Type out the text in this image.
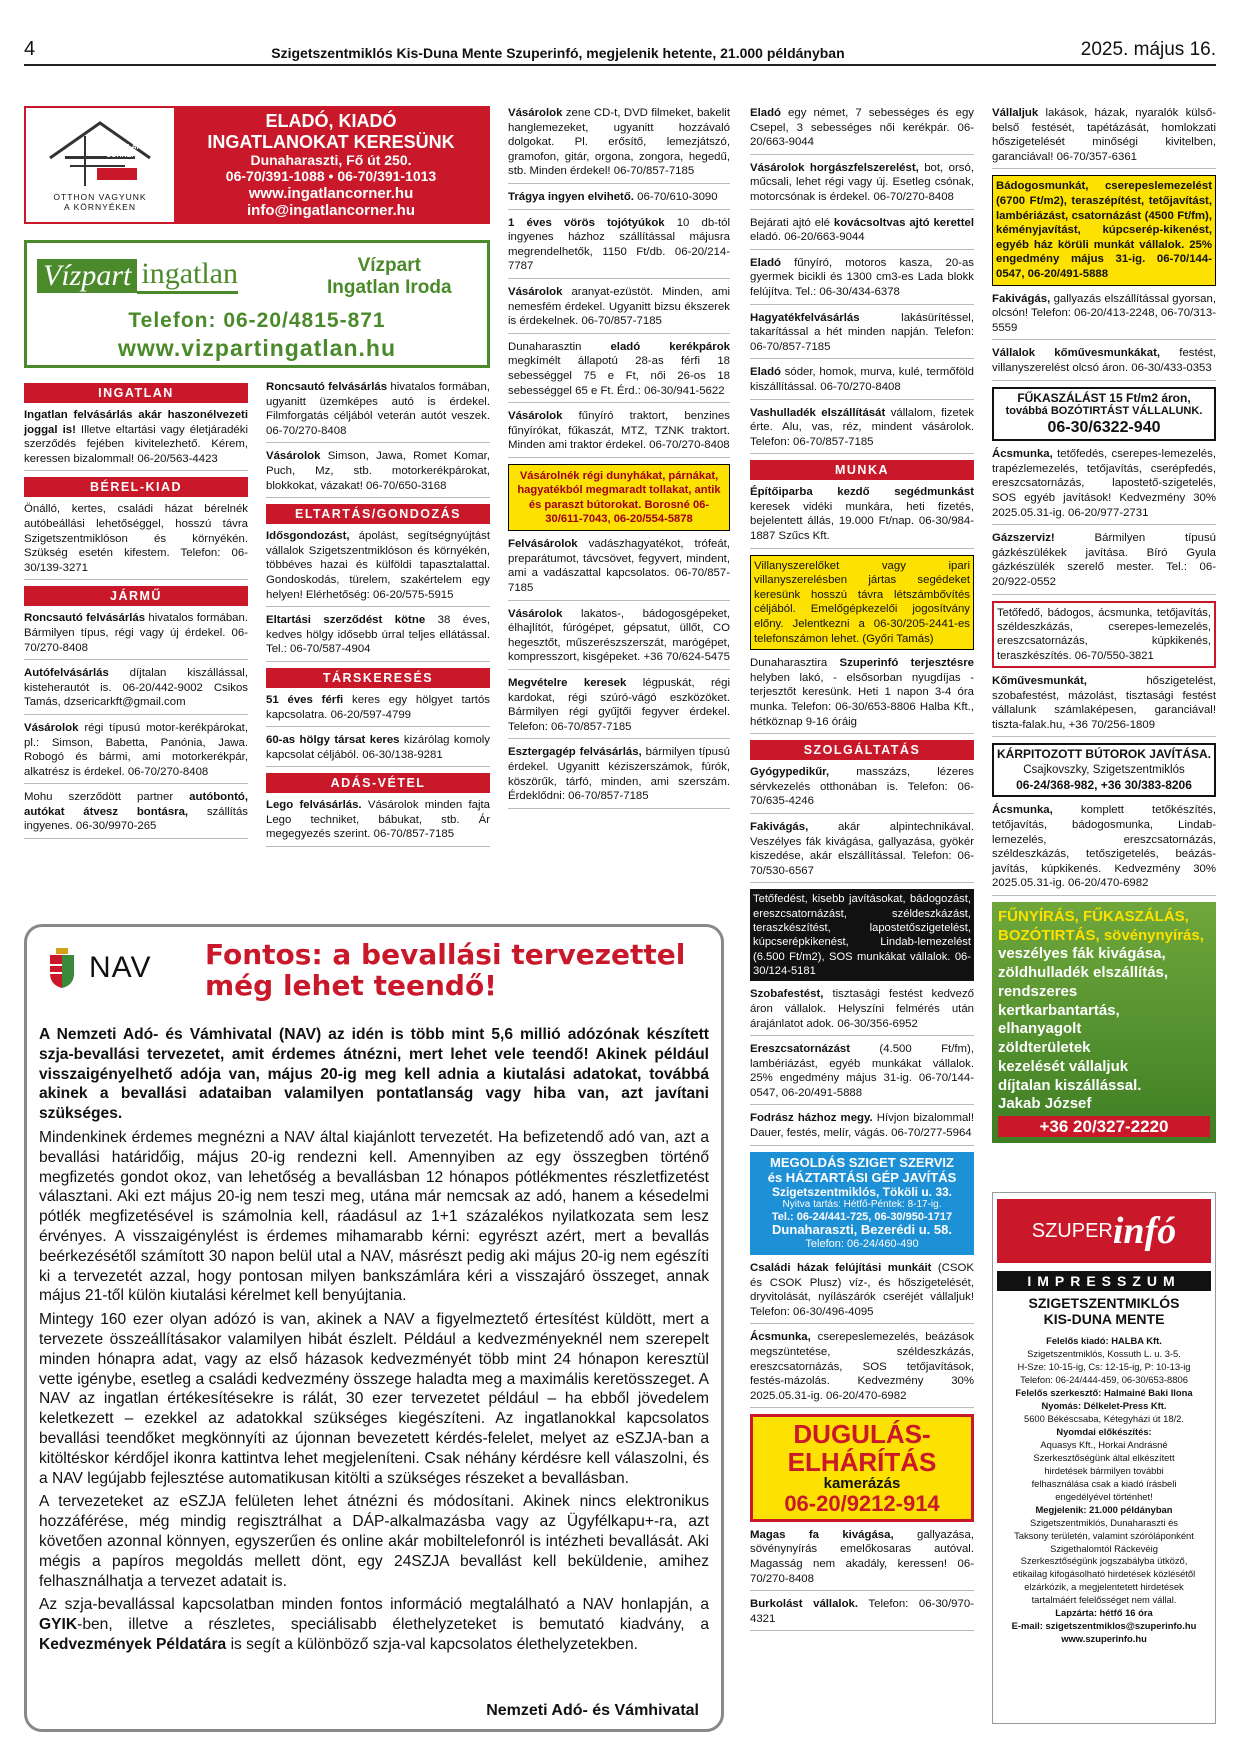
4	Szigetszentmiklós Kis-Duna Mente Szuperinfó, megjelenik hetente, 21.000 példányban	2025. május 16.
INGATLAN
CORNER
OTTHON VAGYUNK
A KÖRNYÉKEN
ELADÓ, KIADÓ
INGATLANOKAT KERESÜNK
Dunaharaszti, Fő út 250.
06-70/391-1088 • 06-70/391-1013
www.ingatlancorner.hu
info@ingatlancorner.hu
Vízpart ingatlan	Vízpart
Ingatlan Iroda
Telefon: 06-20/4815-871
www.vizpartingatlan.hu
INGATLAN
Ingatlan felvásárlás akár haszonélvezeti joggal is! Illetve eltartási vagy életjáradéki szerződés fejében kivitelezhető. Kérem, keressen bizalommal! 06-20/563-4423
BÉREL-KIAD
Önálló, kertes, családi házat bérelnék autóbeállási lehetőséggel, hosszú távra Szigetszentmiklóson és környékén. Szükség esetén kifestem. Telefon: 06-30/139-3271
JÁRMŰ
Roncsautó felvásárlás hivatalos formában. Bármilyen típus, régi vagy új érdekel. 06-70/270-8408
Autófelvásárlás díjtalan kiszállással, kisteherautót is. 06-20/442-9002 Csikos Tamás, dzsericarkft@gmail.com
Vásárolok régi típusú motor-kerékpárokat, pl.: Simson, Babetta, Panónia, Jawa. Robogó és bármi, ami motorkerékpár, alkatrész is érdekel. 06-70/270-8408
Mohu szerződött partner autóbontó, autókat átvesz bontásra, szállítás ingyenes. 06-30/9970-265
Roncsautó felvásárlás hivatalos formában, ugyanitt üzemképes autó is érdekel. Filmforgatás céljából veterán autót veszek. 06-70/270-8408
Vásárolok Simson, Jawa, Romet Komar, Puch, Mz, stb. motorkerékpárokat, blokkokat, vázakat! 06-70/650-3168
ELTARTÁS/GONDOZÁS
Idősgondozást, ápolást, segítségnyújtást vállalok Szigetszentmiklóson és környékén, többéves hazai és külföldi tapasztalattal. Gondoskodás, türelem, szakértelem egy helyen! Elérhetőség: 06-20/575-5915
Eltartási szerződést kötne 38 éves, kedves hölgy idősebb úrral teljes ellátással. Tel.: 06-70/587-4904
TÁRSKERESÉS
51 éves férfi keres egy hölgyet tartós kapcsolatra. 06-20/597-4799
60-as hölgy társat keres kizárólag komoly kapcsolat céljából. 06-30/138-9281
ADÁS-VÉTEL
Lego felvásárlás. Vásárolok minden fajta Lego techniket, bábukat, stb. Ár megegyezés szerint. 06-70/857-7185
Vásárolok zene CD-t, DVD filmeket, bakelit hanglemezeket, ugyanitt hozzávaló dolgokat. Pl. erősítő, lemezjátszó, gramofon, gitár, orgona, zongora, hegedű, stb. Minden érdekel! 06-70/857-7185
Trágya ingyen elvihető. 06-70/610-3090
1 éves vörös tojótyúkok 10 db-tól ingyenes házhoz szállítással májusra megrendelhetők, 1150 Ft/db. 06-20/214-7787
Vásárolok aranyat-ezüstöt. Minden, ami nemesfém érdekel. Ugyanitt bizsu ékszerek is érdekelnek. 06-70/857-7185
Dunaharasztin eladó kerékpárok megkímélt állapotú 28-as férfi 18 sebességgel 75 e Ft, női 26-os 18 sebességgel 65 e Ft. Érd.: 06-30/941-5622
Vásárolok fűnyíró traktort, benzines fűnyírókat, fűkaszát, MTZ, TZNK traktort. Minden ami traktor érdekel. 06-70/270-8408
Vásárolnék régi dunyhákat, párnákat, hagyatékból megmaradt tollakat, antik és paraszt bútorokat. Borosné 06-30/611-7043, 06-20/554-5878
Felvásárolok vadászhagyatékot, trófeát, preparátumot, távcsövet, fegyvert, mindent, ami a vadászattal kapcsolatos. 06-70/857-7185
Vásárolok lakatos-, bádogosgépeket, élhajlítót, fúrógépet, gépsatut, üllőt, CO hegesztőt, műszerészszerszát, marógépet, kompresszort, kisgépeket. +36 70/624-5475
Megvételre keresek légpuskát, régi kardokat, régi szúró-vágó eszközöket. Bármilyen régi gyűjtői fegyver érdekel. Telefon: 06-70/857-7185
Esztergagép felvásárlás, bármilyen típusú érdekel. Ugyanitt kéziszerszámok, fúrók, köszörűk, tárfó, minden, ami szerszám. Érdeklődni: 06-70/857-7185
Eladó egy német, 7 sebességes és egy Csepel, 3 sebességes női kerékpár. 06-20/663-9044
Vásárolok horgászfelszerelést, bot, orsó, műcsali, lehet régi vagy új. Esetleg csónak, motorcsónak is érdekel. 06-70/270-8408
Bejárati ajtó elé kovácsoltvas ajtó kerettel eladó. 06-20/663-9044
Eladó fűnyíró, motoros kasza, 20-as gyermek bicikli és 1300 cm3-es Lada blokk felújítva. Tel.: 06-30/434-6378
Hagyatékfelvásárlás lakásürítéssel, takarítással a hét minden napján. Telefon: 06-70/857-7185
Eladó sóder, homok, murva, kulé, termőföld kiszállítással. 06-70/270-8408
Vashulladék elszállítását vállalom, fizetek érte. Alu, vas, réz, mindent vásárolok. Telefon: 06-70/857-7185
MUNKA
Építőiparba kezdő segédmunkást keresek vidéki munkára, heti fizetés, bejelentett állás, 19.000 Ft/nap. 06-30/984-1887 Szűcs Kft.
Villanyszerelőket vagy ipari villanyszerelésben jártas segédeket keresünk hosszú távra létszámbővítés céljából. Emelőgépkezelői jogosítvány előny. Jelentkezni a 06-30/205-2441-es telefonszámon lehet. (Győri Tamás)
Dunaharasztira Szuperinfó terjesztésre helyben lakó, - elsősorban nyugdíjas - terjesztőt keresünk. Heti 1 napon 3-4 óra munka. Telefon: 06-30/653-8806 Halba Kft., hétköznap 9-16 óráig
SZOLGÁLTATÁS
Gyógypedikűr, masszázs, lézeres sérvkezelés otthonában is. Telefon: 06-70/635-4246
Fakivágás, akár alpintechnikával. Veszélyes fák kivágása, gallyazása, gyökér kiszedése, akár elszállítással. Telefon: 06-70/530-6567
Tetőfedést, kisebb javításokat, bádogozást, ereszcsatornázást, széldeszkázást, teraszkészítést, lapostetőszigetelést, kúpcserépkikenést, Lindab-lemezelést (6.500 Ft/m2), SOS munkákat vállalok. 06-30/124-5181
Szobafestést, tisztasági festést kedvező áron vállalok. Helyszíni felmérés után árajánlatot adok. 06-30/356-6952
Ereszcsatornázást (4.500 Ft/fm), lambériázást, egyéb munkákat vállalok. 25% engedmény május 31-ig. 06-70/144-0547, 06-20/491-5888
Fodrász házhoz megy. Hívjon bizalommal! Dauer, festés, melír, vágás. 06-70/277-5964
MEGOLDÁS SZIGET SZERVIZ
és HÁZTARTÁSI GÉP JAVÍTÁS
Szigetszentmiklós, Tököli u. 33.
Nyitva tartás: Hétfő-Péntek: 8-17-ig.
Tel.: 06-24/441-725, 06-30/950-1717
Dunaharaszti, Bezerédi u. 58.
Telefon: 06-24/460-490
Családi házak felújítási munkáit (CSOK és CSOK Plusz) víz-, és hőszigetelését, dryvitolását, nyílászárók cseréjét vállaljuk! Telefon: 06-30/496-4095
Ácsmunka, cserepeslemezelés, beázások megszüntetése, széldeszkázás, ereszcsatornázás, SOS tetőjavítások, festés-mázolás. Kedvezmény 30% 2025.05.31-ig. 06-20/470-6982
DUGULÁS-
ELHÁRÍTÁS
kamerázás
06-20/9212-914
Magas fa kivágása, gallyazása, sövénynyírás emelőkosaras autóval. Magasság nem akadály, keressen! 06-70/270-8408
Burkolást vállalok. Telefon: 06-30/970-4321
Vállaljuk lakások, házak, nyaralók külső-belső festését, tapétázását, homlokzati hőszigetelését minőségi kivitelben, garanciával! 06-70/357-6361
Bádogosmunkát, cserepeslemezelést (6700 Ft/m2), teraszépítést, tetőjavítást, lambériázást, csatornázást (4500 Ft/fm), kéményjavítást, kúpcserép-kikenést, egyéb ház körüli munkát vállalok. 25% engedmény május 31-ig. 06-70/144-0547, 06-20/491-5888
Fakivágás, gallyazás elszállítással gyorsan, olcsón! Telefon: 06-20/413-2248, 06-70/313-5559
Vállalok kőművesmunkákat, festést, villanyszerelést olcsó áron. 06-30/433-0353
FŰKASZÁLÁST 15 Ft/m2 áron,
továbbá BOZÓTIRTÁST VÁLLALUNK.
06-30/6322-940
Ácsmunka, tetőfedés, cserepes-lemezelés, trapézlemezelés, tetőjavítás, cserépfedés, ereszcsatornázás, lapostető-szigetelés, SOS egyéb javítások! Kedvezmény 30% 2025.05.31-ig. 06-20/977-2731
Gázszerviz! Bármilyen típusú gázkészülékek javítása. Bíró Gyula gázkészülék szerelő mester. Tel.: 06-20/922-0552
Tetőfedő, bádogos, ácsmunka, tetőjavítás, széldeszkázás, cserepes-lemezelés, ereszcsatornázás, kúpkikenés, teraszkészítés. 06-70/550-3821
Kőművesmunkát, hőszigetelést, szobafestést, mázolást, tisztasági festést vállalunk számlaképesen, garanciával! tiszta-falak.hu, +36 70/256-1809
KÁRPITOZOTT BÚTOROK JAVÍTÁSA.
Csajkovszky, Szigetszentmiklós
06-24/368-982, +36 30/383-8206
Ácsmunka, komplett tetőkészítés, tetőjavítás, bádogosmunka, Lindab-lemezelés, ereszcsatornázás, széldeszkázás, tetőszigetelés, beázás-javítás, kúpkikenés. Kedvezmény 30% 2025.05.31-ig. 06-20/470-6982
FŰNYÍRÁS, FŰKASZÁLÁS,
BOZÓTIRTÁS, sövénynyírás,
veszélyes fák kivágása,
zöldhulladék elszállítás,
rendszeres
kertkarbantartás,
elhanyagolt
zöldterületek
kezelését vállaljuk
díjtalan kiszállással.
Jakab József
+36 20/327-2220
SZUPER infó
IMPRESSZUM
SZIGETSZENTMIKLÓS
KIS-DUNA MENTE
Felelős kiadó: HALBA Kft.
Szigetszentmiklós, Kossuth L. u. 3-5.
H-Sze: 10-15-ig, Cs: 12-15-ig, P: 10-13-ig
Telefon: 06-24/444-459, 06-30/653-8806
Felelős szerkesztő: Halmainé Baki Ilona
Nyomás: Délkelet-Press Kft.
5600 Békéscsaba, Kétegyházi út 18/2.
Nyomdai előkészítés:
Aquasys Kft., Horkai Andrásné
Szerkesztőségünk által elkészített
hirdetések bármilyen további
felhasználása csak a kiadó írásbeli
engedélyével történhet!
Megjelenik: 21.000 példányban
Szigetszentmiklós, Dunaharaszti és
Taksony területén, valamint szóróláponként
Szigethalomtól Ráckevéig
Szerkesztőségünk jogszabályba ütköző,
etikailag kifogásolható hirdetések közlésétől
elzárkózik, a megjelentetett hirdetések
tartalmáért felelősséget nem vállal.
Lapzárta: hétfő 16 óra
E-mail: szigetszentmiklos@szuperinfo.hu
www.szuperinfo.hu
NAV Fontos: a bevallási tervezettel
még lehet teendő!

A Nemzeti Adó- és Vámhivatal (NAV) az idén is több mint 5,6 millió adózónak készített szja-bevallási tervezetet, amit érdemes átnézni, mert lehet vele teendő! Akinek például visszaigényelhető adója van, május 20-ig meg kell adnia a kiutalási adatokat, továbbá akinek a bevallási adataiban valamilyen pontatlanság vagy hiba van, azt javítani szükséges.

Mindenkinek érdemes megnézni a NAV által kiajánlott tervezetét. Ha befizetendő adó van, azt a bevallási határidőig, május 20-ig rendezni kell. Amennyiben az egy összegben történő megfizetés gondot okoz, van lehetőség a bevallásban 12 hónapos pótlékmentes részletfizetést választani. Aki ezt május 20-ig nem teszi meg, utána már nemcsak az adó, hanem a késedelmi pótlék megfizetésével is számolnia kell, ráadásul az 1+1 százalékos nyilatkozata sem lesz érvényes. A visszaigénylést is érdemes mihamarabb kérni: egyrészt azért, mert a bevallás beérkezésétől számított 30 napon belül utal a NAV, másrészt pedig aki május 20-ig nem egészíti ki a tervezetét azzal, hogy pontosan milyen bankszámlára kéri a visszajáró összeget, annak május 21-től külön kiutalási kérelmet kell benyújtania.

Mintegy 160 ezer olyan adózó is van, akinek a NAV a figyelmeztető értesítést küldött, mert a tervezete összeállításakor valamilyen hibát észlelt. Például a kedvezményeknél nem szerepelt minden hónapra adat, vagy az első házasok kedvezményét több mint 24 hónapon keresztül vette igénybe, esetleg a családi kedvezmény összege haladta meg a maximális keretösszeget. A NAV az ingatlan értékesítésekre is rálát, 30 ezer tervezetet például – ha ebből jövedelem keletkezett – ezekkel az adatokkal szükséges kiegészíteni. Az ingatlanokkal kapcsolatos bevallási teendőket megkönnyíti az újonnan bevezetett kérdés-felelet, melyet az eSZJA-ban a kitöltéskor kérdőjel ikonra kattintva lehet megjeleníteni. Csak néhány kérdésre kell válaszolni, és a NAV legújabb fejlesztése automatikusan kitölti a szükséges részeket a bevallásban.

A tervezeteket az eSZJA felületen lehet átnézni és módosítani. Akinek nincs elektronikus hozzáférése, még mindig regisztrálhat a DÁP-alkalmazásba vagy az Ügyfélkapu+-ra, azt követően azonnal könnyen, egyszerűen és online akár mobiltelefonról is intézheti bevallását. Aki mégis a papíros megoldás mellett dönt, egy 24SZJA bevallást kell beküldenie, amihez felhasználhatja a tervezet adatait is.

Az szja-bevallással kapcsolatban minden fontos információ megtalálható a NAV honlapján, a GYIK-ben, illetve a részletes, speciálisabb élethelyzeteket is bemutató kiadvány, a Kedvezmények Példatára is segít a különböző szja-val kapcsolatos élethelyzetekben.

Nemzeti Adó- és Vámhivatal
